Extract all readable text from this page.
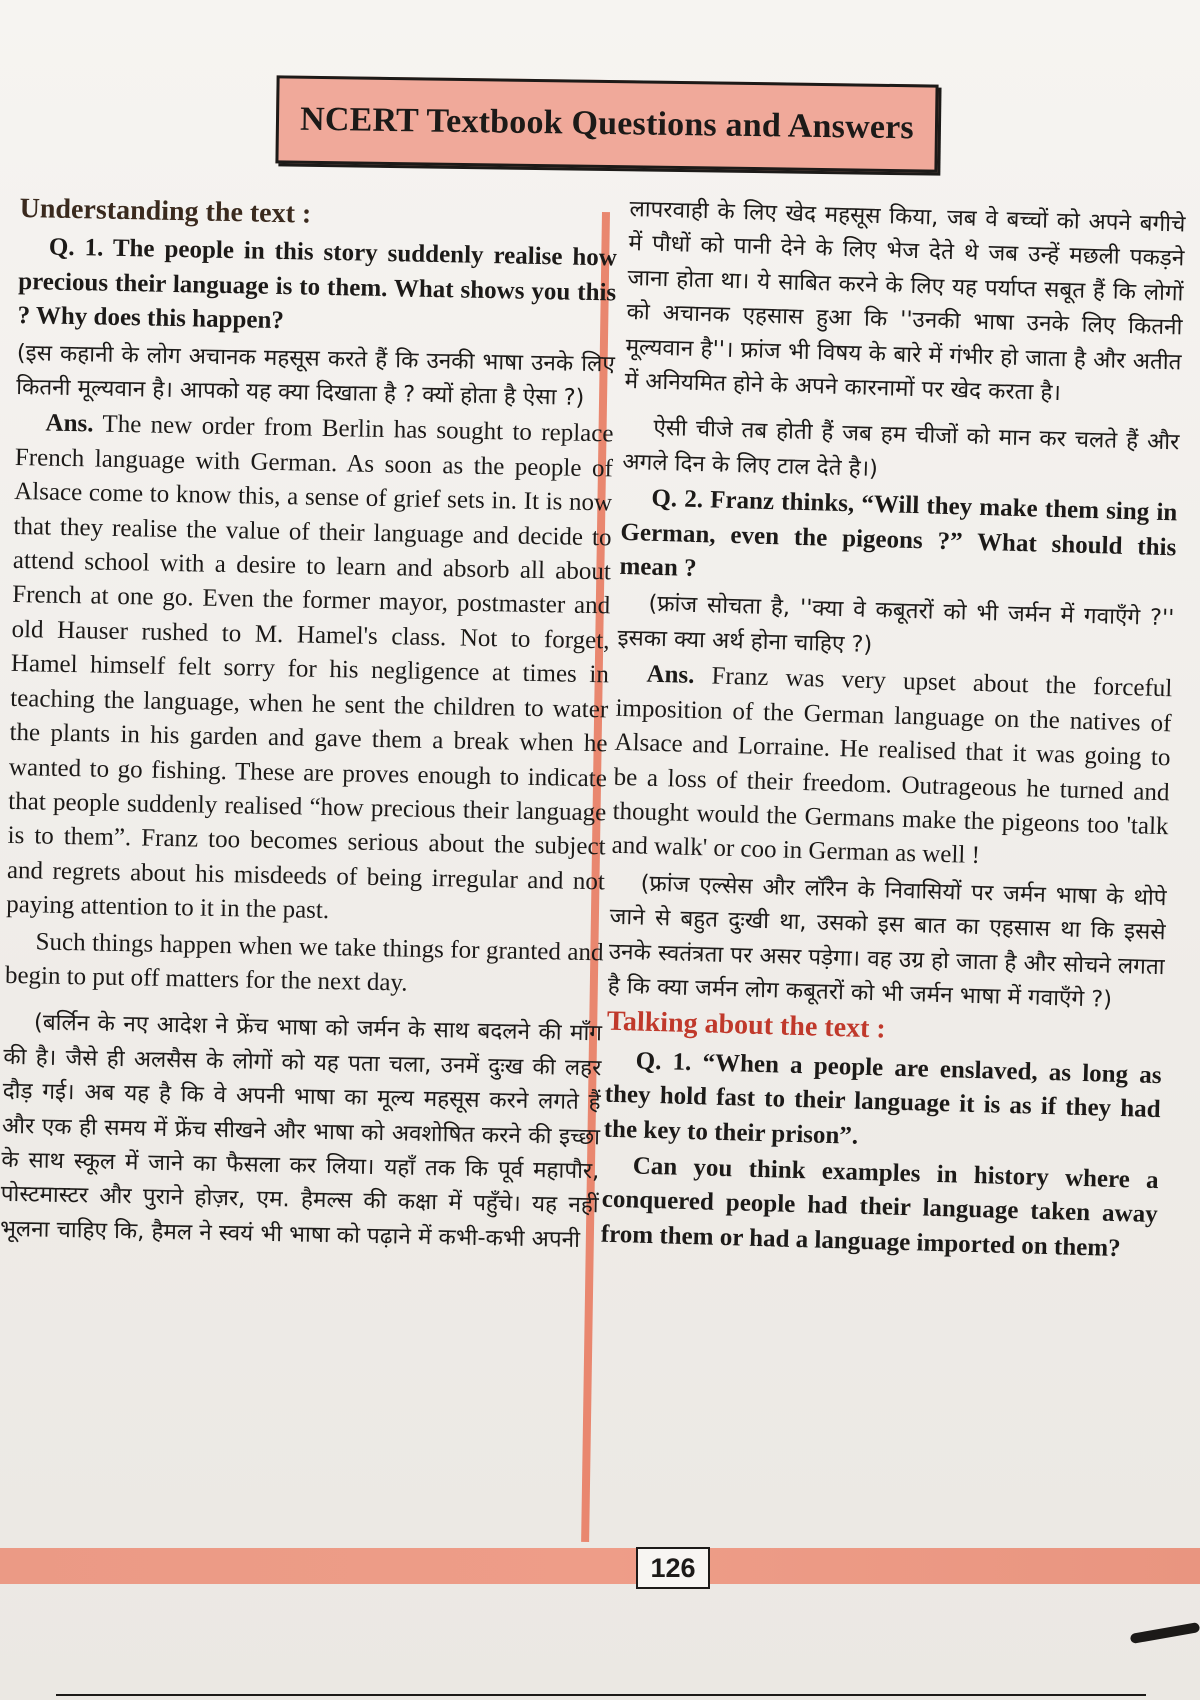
NCERT Textbook Questions and Answers

Understanding the text :

Q. 1. The people in this story suddenly realise how precious their language is to them. What shows you this ? Why does this happen?

(इस कहानी के लोग अचानक महसूस करते हैं कि उनकी भाषा उनके लिए कितनी मूल्यवान है। आपको यह क्या दिखाता है ? क्यों होता है ऐसा ?)

Ans. The new order from Berlin has sought to replace French language with German. As soon as the people of Alsace come to know this, a sense of grief sets in. It is now that they realise the value of their language and decide to attend school with a desire to learn and absorb all about French at one go. Even the former mayor, postmaster and old Hauser rushed to M. Hamel's class. Not to forget, Hamel himself felt sorry for his negligence at times in teaching the language, when he sent the children to water the plants in his garden and gave them a break when he wanted to go fishing. These are proves enough to indicate that people suddenly realised “how precious their language is to them”. Franz too becomes serious about the subject and regrets about his misdeeds of being irregular and not paying attention to it in the past.

Such things happen when we take things for granted and begin to put off matters for the next day.

(बर्लिन के नए आदेश ने फ्रेंच भाषा को जर्मन के साथ बदलने की माँग की है। जैसे ही अलसैस के लोगों को यह पता चला, उनमें दुःख की लहर दौड़ गई। अब यह है कि वे अपनी भाषा का मूल्य महसूस करने लगते हैं और एक ही समय में फ्रेंच सीखने और भाषा को अवशोषित करने की इच्छा के साथ स्कूल में जाने का फैसला कर लिया। यहाँ तक कि पूर्व महापौर, पोस्टमास्टर और पुराने होज़र, एम. हैमल्स की कक्षा में पहुँचे। यह नहीं भूलना चाहिए कि, हैमल ने स्वयं भी भाषा को पढ़ाने में कभी-कभी अपनी

लापरवाही के लिए खेद महसूस किया, जब वे बच्चों को अपने बगीचे में पौधों को पानी देने के लिए भेज देते थे जब उन्हें मछली पकड़ने जाना होता था। ये साबित करने के लिए यह पर्याप्त सबूत हैं कि लोगों को अचानक एहसास हुआ कि ''उनकी भाषा उनके लिए कितनी मूल्यवान है''। फ्रांज भी विषय के बारे में गंभीर हो जाता है और अतीत में अनियमित होने के अपने कारनामों पर खेद करता है।

ऐसी चीजे तब होती हैं जब हम चीजों को मान कर चलते हैं और अगले दिन के लिए टाल देते है।)

Q. 2. Franz thinks, “Will they make them sing in German, even the pigeons ?” What should this mean ?

(फ्रांज सोचता है, ''क्या वे कबूतरों को भी जर्मन में गवाएँगे ?'' इसका क्या अर्थ होना चाहिए ?)

Ans. Franz was very upset about the forceful imposition of the German language on the natives of Alsace and Lorraine. He realised that it was going to be a loss of their freedom. Outrageous he turned and thought would the Germans make the pigeons too 'talk and walk' or coo in German as well !

(फ्रांज एल्सेस और लॉरैन के निवासियों पर जर्मन भाषा के थोपे जाने से बहुत दुःखी था, उसको इस बात का एहसास था कि इससे उनके स्वतंत्रता पर असर पड़ेगा। वह उग्र हो जाता है और सोचने लगता है कि क्या जर्मन लोग कबूतरों को भी जर्मन भाषा में गवाएँगे ?)

Talking about the text :

Q. 1. “When a people are enslaved, as long as they hold fast to their language it is as if they had the key to their prison”.

Can you think examples in history where a conquered people had their language taken away from them or had a language imported on them?

126
